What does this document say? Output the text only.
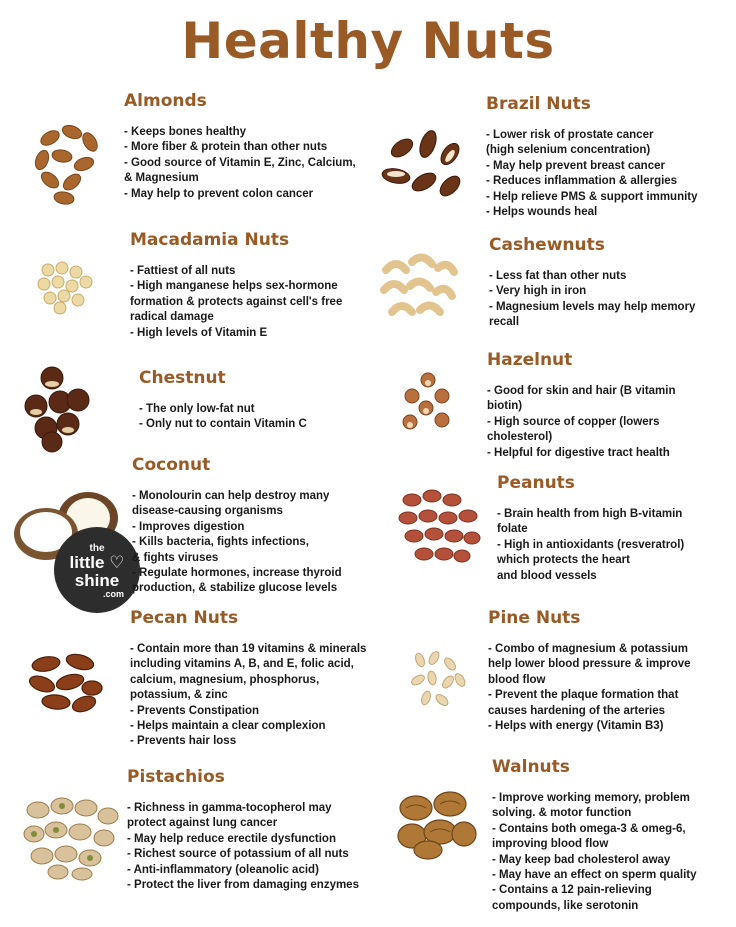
Healthy Nuts
the
little ♡
shine
.com
Almonds
- Keeps bones healthy
- More fiber & protein than other nuts
- Good source of Vitamin E, Zinc, Calcium,
& Magnesium
- May help to prevent colon cancer
Macadamia Nuts
- Fattiest of all nuts
- High manganese helps sex-hormone
formation & protects against cell's free
radical damage
- High levels of Vitamin E
Chestnut
- The only low-fat nut
- Only nut to contain Vitamin C
Coconut
- Monolourin can help destroy many
disease-causing organisms
- Improves digestion
- Kills bacteria, fights infections,
& fights viruses
- Regulate hormones, increase thyroid
production, & stabilize glucose levels
Pecan Nuts
- Contain more than 19 vitamins & minerals
including vitamins A, B, and E, folic acid,
calcium, magnesium, phosphorus,
potassium, & zinc
- Prevents Constipation
- Helps maintain a clear complexion
- Prevents hair loss
Pistachios
- Richness in gamma-tocopherol may
protect against lung cancer
- May help reduce erectile dysfunction
- Richest source of potassium of all nuts
- Anti-inflammatory (oleanolic acid)
- Protect the liver from damaging enzymes
Brazil Nuts
- Lower risk of prostate cancer
(high selenium concentration)
- May help prevent breast cancer
- Reduces inflammation & allergies
- Help relieve PMS & support immunity
- Helps wounds heal
Cashewnuts
- Less fat than other nuts
- Very high in iron
- Magnesium levels may help memory
recall
Hazelnut
- Good for skin and hair (B vitamin
biotin)
- High source of copper (lowers
cholesterol)
- Helpful for digestive tract health
Peanuts
- Brain health from high B-vitamin
folate
- High in antioxidants (resveratrol)
which protects the heart
and blood vessels
Pine Nuts
- Combo of magnesium & potassium
help lower blood pressure & improve
blood flow
- Prevent the plaque formation that
causes hardening of the arteries
- Helps with energy (Vitamin B3)
Walnuts
- Improve working memory, problem
solving. & motor function
- Contains both omega-3 & omeg-6,
improving blood flow
- May keep bad cholesterol away
- May have an effect on sperm quality
- Contains a 12 pain-relieving
compounds, like serotonin
